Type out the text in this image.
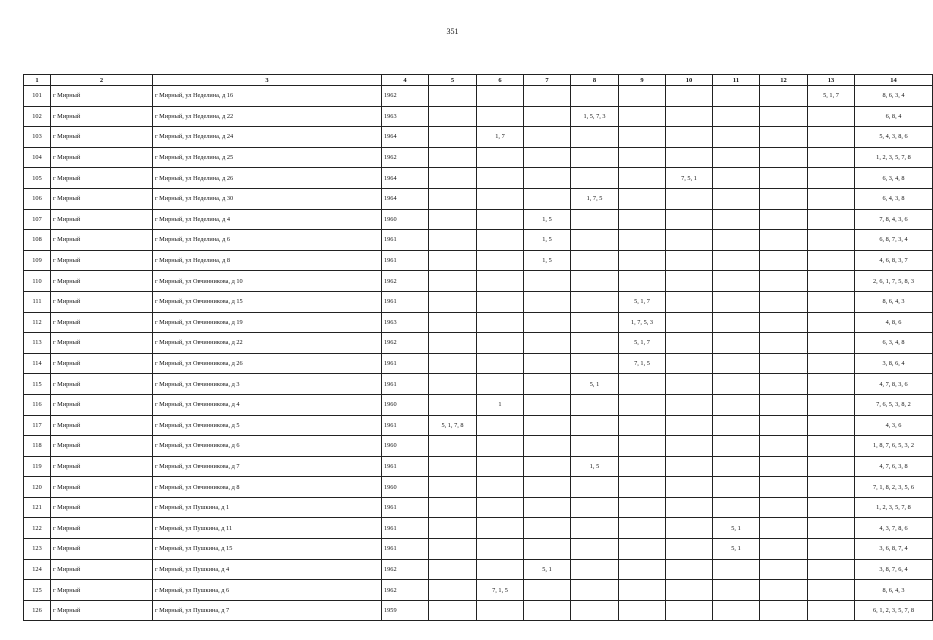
351
1	2	3	4	5	6	7	8	9	10	11	12	13	14
101	г Мирный	г Мирный, ул Неделина, д 16	1962									5, 1, 7	8, 6, 3, 4
102	г Мирный	г Мирный, ул Неделина, д 22	1963				1, 5, 7, 3						6, 8, 4
103	г Мирный	г Мирный, ул Неделина, д 24	1964		1, 7								5, 4, 3, 8, 6
104	г Мирный	г Мирный, ул Неделина, д 25	1962										1, 2, 3, 5, 7, 8
105	г Мирный	г Мирный, ул Неделина, д 26	1964						7, 5, 1				6, 3, 4, 8
106	г Мирный	г Мирный, ул Неделина, д 30	1964				1, 7, 5						6, 4, 3, 8
107	г Мирный	г Мирный, ул Неделина, д 4	1960			1, 5							7, 8, 4, 3, 6
108	г Мирный	г Мирный, ул Неделина, д 6	1961			1, 5							6, 8, 7, 3, 4
109	г Мирный	г Мирный, ул Неделина, д 8	1961			1, 5							4, 6, 8, 3, 7
110	г Мирный	г Мирный, ул Овчинникова, д 10	1962										2, 6, 1, 7, 5, 8, 3
111	г Мирный	г Мирный, ул Овчинникова, д 15	1961					5, 1, 7					8, 6, 4, 3
112	г Мирный	г Мирный, ул Овчинникова, д 19	1963					1, 7, 5, 3					4, 8, 6
113	г Мирный	г Мирный, ул Овчинникова, д 22	1962					5, 1, 7					6, 3, 4, 8
114	г Мирный	г Мирный, ул Овчинникова, д 26	1961					7, 1, 5					3, 8, 6, 4
115	г Мирный	г Мирный, ул Овчинникова, д 3	1961				5, 1						4, 7, 8, 3, 6
116	г Мирный	г Мирный, ул Овчинникова, д 4	1960		1								7, 6, 5, 3, 8, 2
117	г Мирный	г Мирный, ул Овчинникова, д 5	1961	5, 1, 7, 8									4, 3, 6
118	г Мирный	г Мирный, ул Овчинникова, д 6	1960										1, 8, 7, 6, 5, 3, 2
119	г Мирный	г Мирный, ул Овчинникова, д 7	1961				1, 5						4, 7, 6, 3, 8
120	г Мирный	г Мирный, ул Овчинникова, д 8	1960										7, 1, 8, 2, 3, 5, 6
121	г Мирный	г Мирный, ул Пушкина, д 1	1961										1, 2, 3, 5, 7, 8
122	г Мирный	г Мирный, ул Пушкина, д 11	1961							5, 1			4, 3, 7, 8, 6
123	г Мирный	г Мирный, ул Пушкина, д 15	1961							5, 1			3, 6, 8, 7, 4
124	г Мирный	г Мирный, ул Пушкина, д 4	1962			5, 1							3, 8, 7, 6, 4
125	г Мирный	г Мирный, ул Пушкина, д 6	1962		7, 1, 5								8, 6, 4, 3
126	г Мирный	г Мирный, ул Пушкина, д 7	1959										6, 1, 2, 3, 5, 7, 8
